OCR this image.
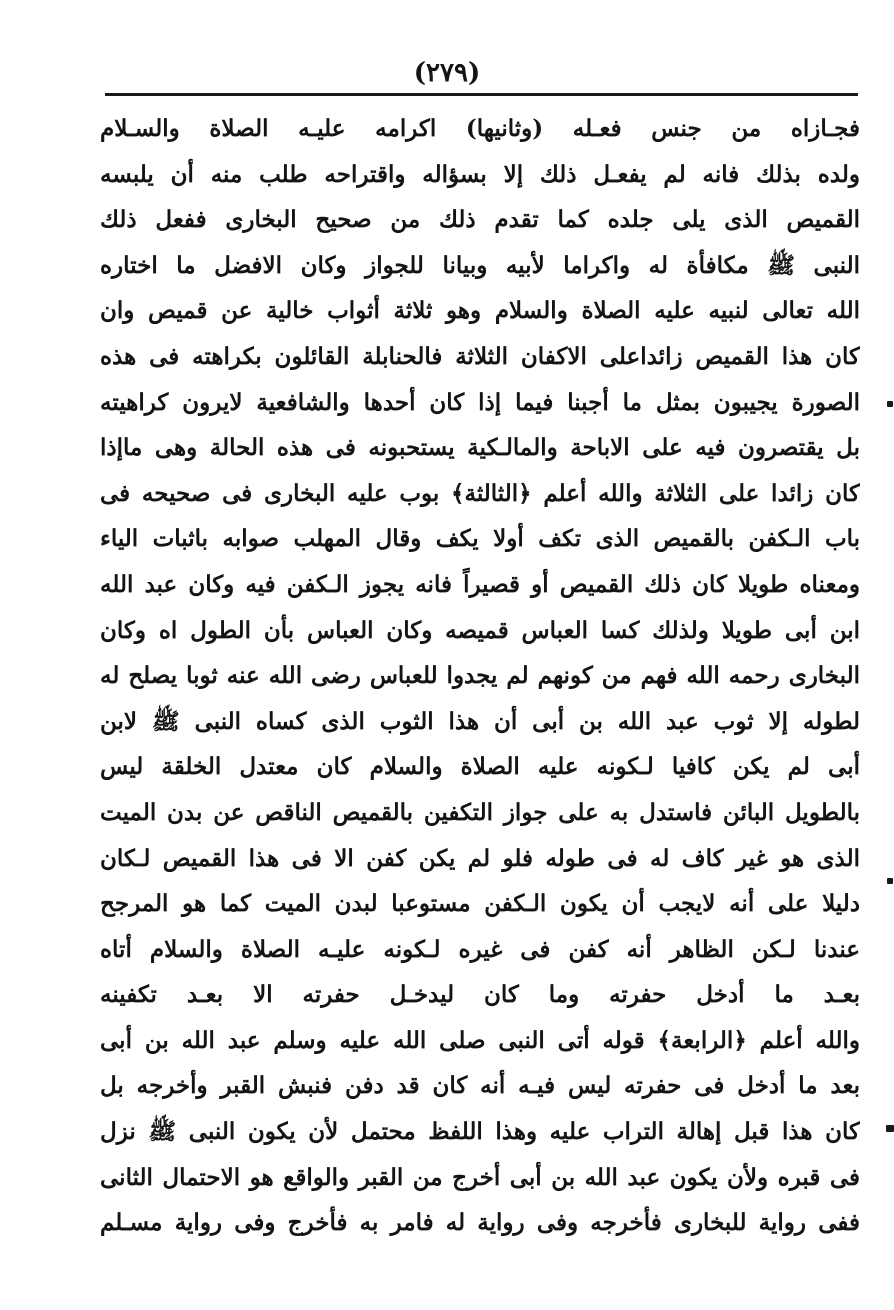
(٢٧٩)
فجـازاه من جنس فعـله (وثانيها) اكرامه عليـه الصلاة والسـلام
ولده بذلك فانه لم يفعـل ذلك إلا بسؤاله واقتراحه طلب منه أن يلبسه
القميص الذى يلى جلده كما تقدم ذلك من صحيح البخارى ففعل ذلك
النبى ﷺ مكافأة له واكراما لأبيه وبيانا للجواز وكان الافضل ما اختاره
الله تعالى لنبيه عليه الصلاة والسلام وهو ثلاثة أثواب خالية عن قميص وان
كان هذا القميص زائداعلى الاكفان الثلاثة فالحنابلة القائلون بكراهته فى هذه
الصورة يجيبون بمثل ما أجبنا فيما إذا كان أحدها والشافعية لايرون كراهيته
بل يقتصرون فيه على الاباحة والمالـكية يستحبونه فى هذه الحالة وهى ماإذا
كان زائدا على الثلاثة والله أعلم ﴿الثالثة﴾ بوب عليه البخارى فى صحيحه فى
باب الـكفن بالقميص الذى تكف أولا يكف وقال المهلب صوابه باثبات الياء
ومعناه طويلا كان ذلك القميص أو قصيراً فانه يجوز الـكفن فيه وكان عبد الله
ابن أبى طويلا ولذلك كسا العباس قميصه وكان العباس بأن الطول اه وكان
البخارى رحمه الله فهم من كونهم لم يجدوا للعباس رضى الله عنه ثوبا يصلح له
لطوله إلا ثوب عبد الله بن أبى أن هذا الثوب الذى كساه النبى ﷺ لابن
أبى لم يكن كافيا لـكونه عليه الصلاة والسلام كان معتدل الخلقة ليس
بالطويل البائن فاستدل به على جواز التكفين بالقميص الناقص عن بدن الميت
الذى هو غير كاف له فى طوله فلو لم يكن كفن الا فى هذا القميص لـكان
دليلا على أنه لايجب أن يكون الـكفن مستوعبا لبدن الميت كما هو المرجح
عندنا لـكن الظاهر أنه كفن فى غيره لـكونه عليـه الصلاة والسلام أتاه
بعـد ما أدخل حفرته وما كان ليدخـل حفرته الا بعـد تكفينه
والله أعلم ﴿الرابعة﴾ قوله أتى النبى صلى الله عليه وسلم عبد الله بن أبى
بعد ما أدخل فى حفرته ليس فيـه أنه كان قد دفن فنبش القبر وأخرجه بل
كان هذا قبل إهالة التراب عليه وهذا اللفظ محتمل لأن يكون النبى ﷺ نزل
فى قبره ولأن يكون عبد الله بن أبى أخرج من القبر والواقع هو الاحتمال الثانى
ففى رواية للبخارى فأخرجه وفى رواية له فامر به فأخرج وفى رواية مسـلم
